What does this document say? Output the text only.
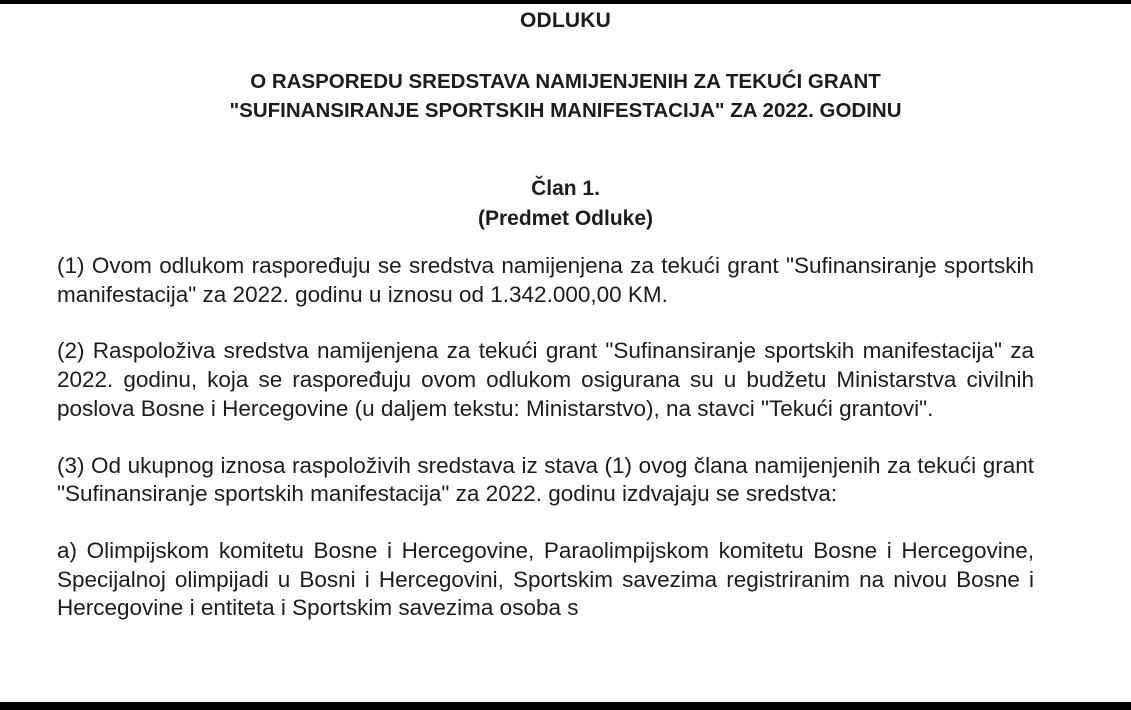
ODLUKU
O RASPOREDU SREDSTAVA NAMIJENJENIH ZA TEKUĆI GRANT
"SUFINANSIRANJE SPORTSKIH MANIFESTACIJA" ZA 2022. GODINU
Član 1.
(Predmet Odluke)

(1) Ovom odlukom raspoređuju se sredstva namijenjena za tekući grant "Sufinansiranje sportskih manifestacija" za 2022. godinu u iznosu od 1.342.000,00 KM.

(2) Raspoloživa sredstva namijenjena za tekući grant "Sufinansiranje sportskih manifestacija" za 2022. godinu, koja se raspoređuju ovom odlukom osigurana su u budžetu Ministarstva civilnih poslova Bosne i Hercegovine (u daljem tekstu: Ministarstvo), na stavci "Tekući grantovi".

(3) Od ukupnog iznosa raspoloživih sredstava iz stava (1) ovog člana namijenjenih za tekući grant "Sufinansiranje sportskih manifestacija" za 2022. godinu izdvajaju se sredstva:

a) Olimpijskom komitetu Bosne i Hercegovine, Paraolimpijskom komitetu Bosne i Hercegovine, Specijalnoj olimpijadi u Bosni i Hercegovini, Sportskim savezima registriranim na nivou Bosne i Hercegovine i entiteta i Sportskim savezima osoba s
